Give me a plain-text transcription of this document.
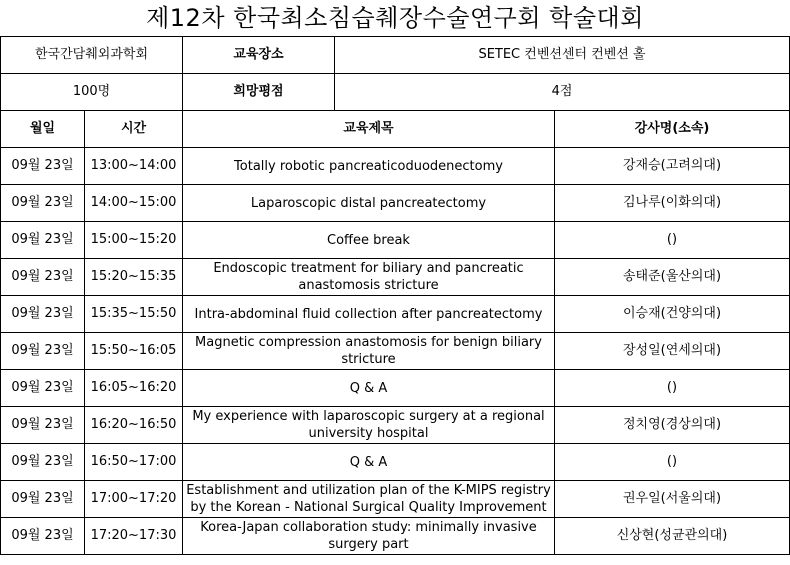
제12차 한국최소침습췌장수술연구회 학술대회
한국간담췌외과학회		교육장소	SETEC 컨벤션센터 컨벤션 홀	
100명		희망평점	4점	
월일	시간	교육제목		강사명(소속)
09월 23일	13:00~14:00	Totally robotic pancreaticoduodenectomy		강재승(고려의대)
09월 23일	14:00~15:00	Laparoscopic distal pancreatectomy		김나루(이화의대)
09월 23일	15:00~15:20	Coffee break		()
09월 23일	15:20~15:35	Endoscopic treatment for biliary and pancreatic anastomosis stricture		송태준(울산의대)
09월 23일	15:35~15:50	Intra-abdominal fluid collection after pancreatectomy		이승재(건양의대)
09월 23일	15:50~16:05	Magnetic compression anastomosis for benign biliary stricture		장성일(연세의대)
09월 23일	16:05~16:20	Q & A		()
09월 23일	16:20~16:50	My experience with laparoscopic surgery at a regional university hospital		정치영(경상의대)
09월 23일	16:50~17:00	Q & A		()
09월 23일	17:00~17:20	Establishment and utilization plan of the K-MIPS registry by the Korean - National Surgical Quality Improvement		권우일(서울의대)
09월 23일	17:20~17:30	Korea-Japan collaboration study: minimally invasive surgery part		신상현(성균관의대)
